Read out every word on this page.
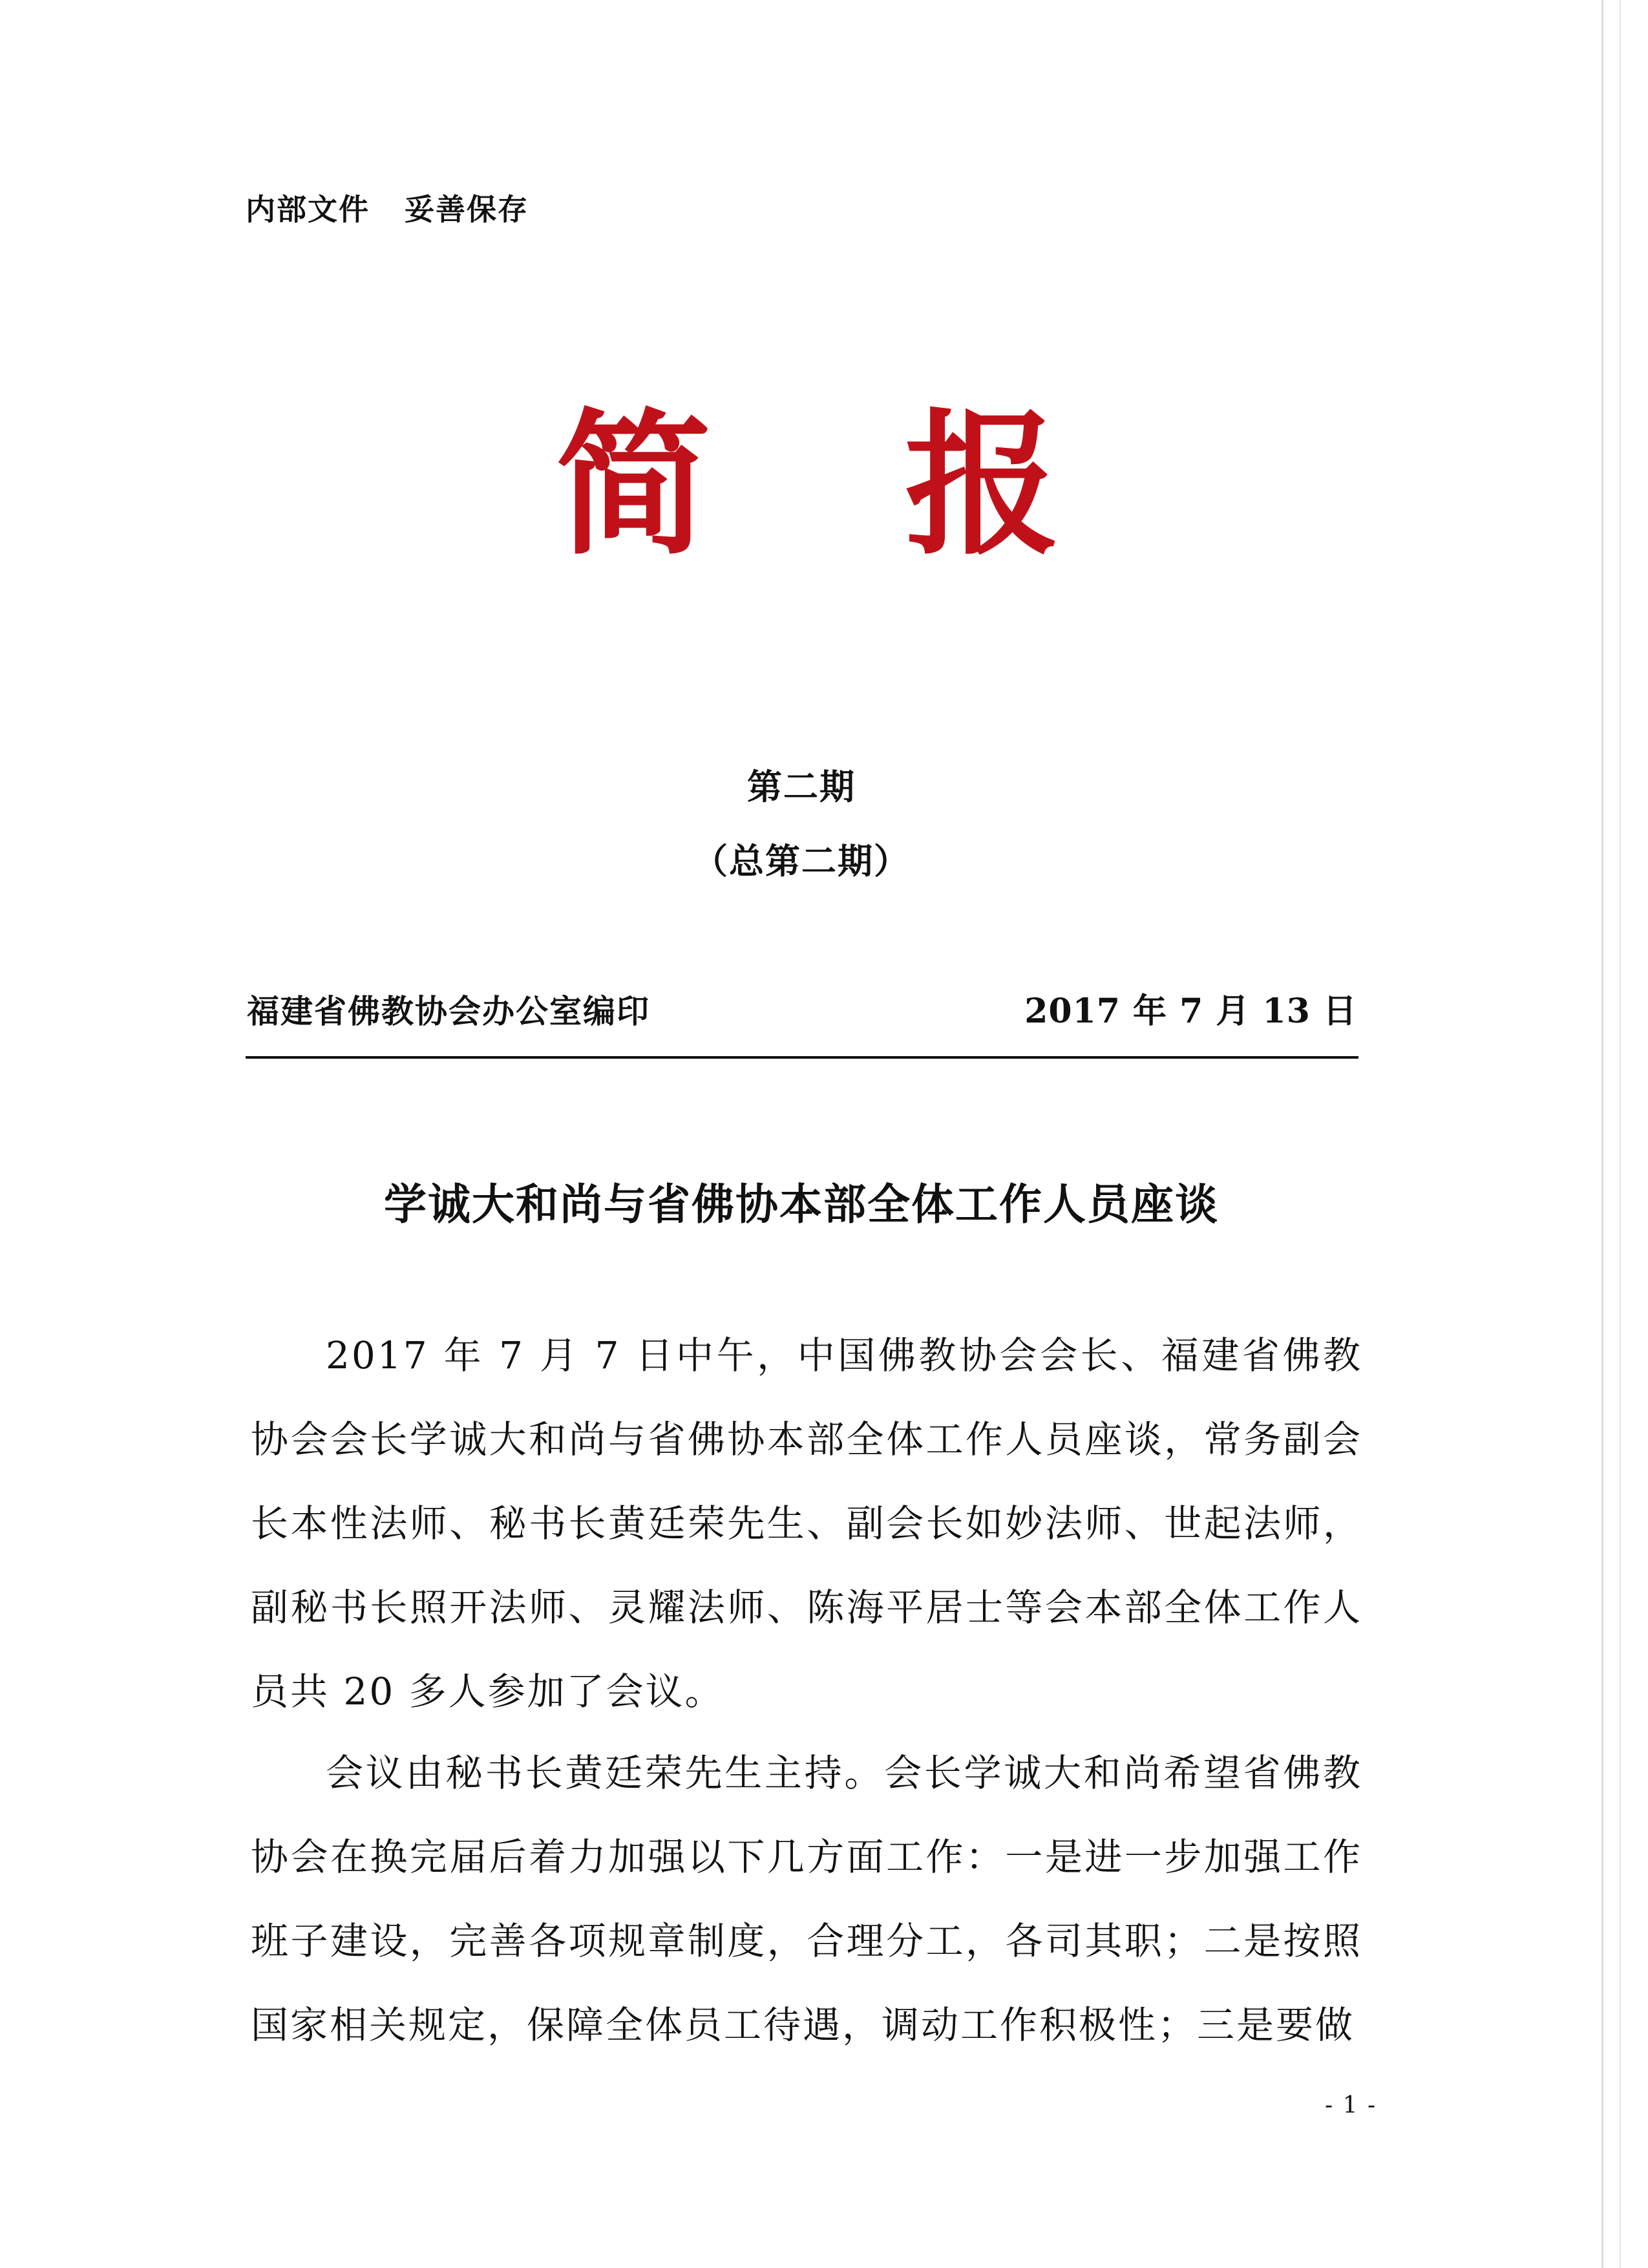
内部文件   妥善保存
简 报
第二期
（总第二期）
福建省佛教协会办公室编印	2017 年 7 月 13 日
学诚大和尚与省佛协本部全体工作人员座谈

2017 年 7 月 7 日中午，中国佛教协会会长、福建省佛教协会会长学诚大和尚与省佛协本部全体工作人员座谈，常务副会长本性法师、秘书长黄廷荣先生、副会长如妙法师、世起法师，副秘书长照开法师、灵耀法师、陈海平居士等会本部全体工作人员共 20 多人参加了会议。

会议由秘书长黄廷荣先生主持。会长学诚大和尚希望省佛教协会在换完届后着力加强以下几方面工作：一是进一步加强工作班子建设，完善各项规章制度，合理分工，各司其职；二是按照国家相关规定，保障全体员工待遇，调动工作积极性；三是要做

- 1 -
